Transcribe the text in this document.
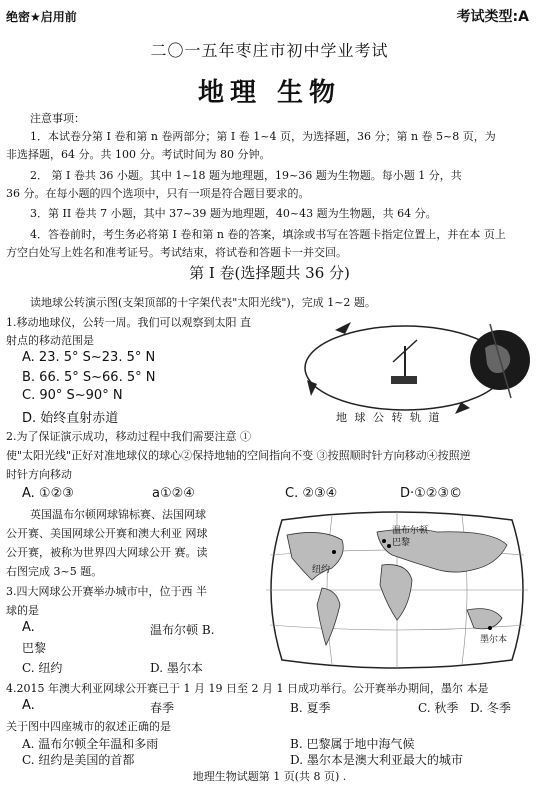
绝密★启用前	考试类型:A
二〇一五年枣庄市初中学业考试
地理 生物
注意事项：
1．本试卷分第 I 卷和第 n 卷两部分；第 I 卷 1~4 页，为选择题，36 分；第 n 卷 5~8 页，为
非选择题，64 分。共 100 分。考试时间为 80 分钟。
2． 第 I 卷共 36 小题。其中 1~18 题为地理题，19~36 题为生物题。每小题 1 分，共
36 分。在每小题的四个选项中，只有一项是符合题目要求的。
3．第 II 卷共 7 小题，其中 37~39 题为地理题，40~43 题为生物题，共 64 分。
4．答卷前时，考生务必将第 I 卷和第 n 卷的答案，填涂或书写在答题卡指定位置上，并在本 页上
方空白处写上姓名和准考证号。考试结束，将试卷和答题卡一并交回。
第 I 卷(选择题共 36 分)
读地球公转演示图(支架顶部的十字架代表"太阳光线")，完成 1~2 题。
1.移动地球仪，公转一周。我们可以观察到太阳 直
射点的移动范围是
A. 23. 5° S~23. 5° N
B. 66. 5° S~66. 5° N
C. 90° S~90° N
D. 始终直射赤道	地 球 公 转 轨 道
2.为了保证演示成功，移动过程中我们需要注意 ①
使"太阳光线"正好对准地球仪的球心②保持地轴的空间指向不变 ③按照顺时针方向移动④按照逆
时针方向移动
A. ①②③	a①②④	C. ②③④	D·①②③©
英国温布尔顿网球锦标赛、法国网球
公开赛、美国网球公开赛和澳大利亚 网球
公开赛，被称为世界四大网球公开 赛。读
右图完成 3~5 题。
温布尔顿
巴黎
纽约
墨尔本
3.四大网球公开赛举办城市中，位于西 半
球的是
A.	温布尔顿 B.
巴黎
C. 纽约	D. 墨尔本
4.2015 年澳大利亚网球公开赛已于 1 月 19 日至 2 月 1 日成功举行。公开赛举办期间，墨尔 本是
A.	春季	B. 夏季	C. 秋季 D. 冬季
关于图中四座城市的叙述正确的是
A. 温布尔顿全年温和多雨	B. 巴黎属于地中海气候
C. 纽约是美国的首都	D. 墨尔本是澳大利亚最大的城市
地理生物试题第 1 页(共 8 页) .
